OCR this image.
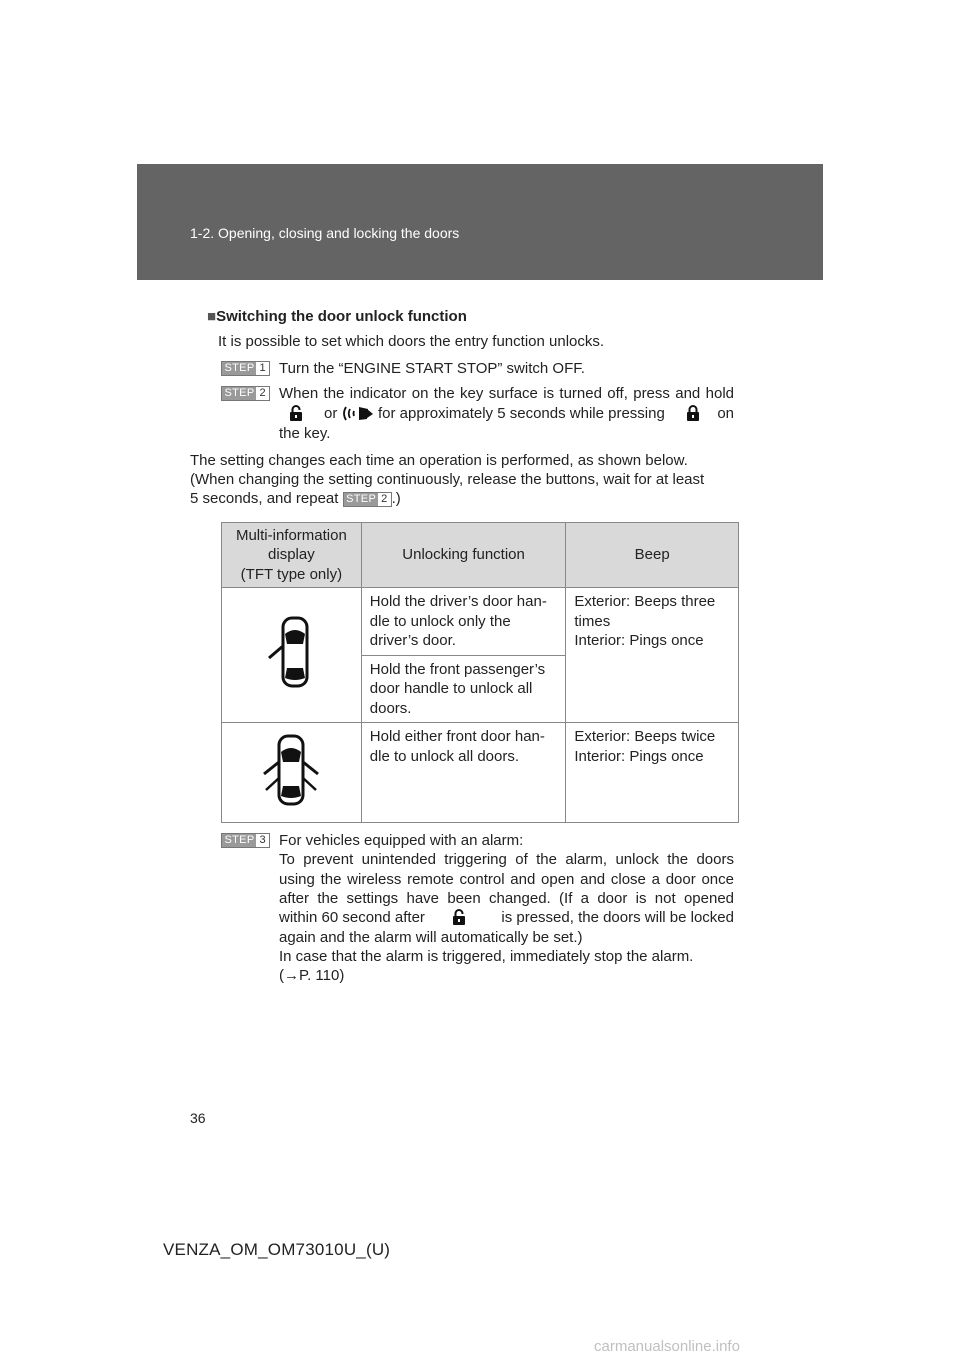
1-2. Opening, closing and locking the doors
■Switching the door unlock function
It is possible to set which doors the entry function unlocks.
STEP 1 Turn the “ENGINE START STOP” switch OFF.
STEP 2 When the indicator on the key surface is turned off, press and hold
or	for approximately 5 seconds while pressing	on
the key.
The setting changes each time an operation is performed, as shown below.
(When changing the setting continuously, release the buttons, wait for at least
5 seconds, and repeat STEP 2 .)
Multi-information
display
(TFT type only)	Unlocking function	Beep
	Hold the driver’s door han-
dle to unlock only the
driver’s door.	Exterior: Beeps three
times
Interior: Pings once
	Hold the front passenger’s
door handle to unlock all
doors.	
	Hold either front door han-
dle to unlock all doors.	Exterior: Beeps twice
Interior: Pings once
STEP 3 For vehicles equipped with an alarm:
To prevent unintended triggering of the alarm, unlock the doors
using the wireless remote control and open and close a door once
after the settings have been changed. (If a door is not opened
within 60 second after	is pressed, the doors will be locked
again and the alarm will automatically be set.)
In case that the alarm is triggered, immediately stop the alarm.
(→P. 110)
36
VENZA_OM_OM73010U_(U)
carmanualsonline.info
